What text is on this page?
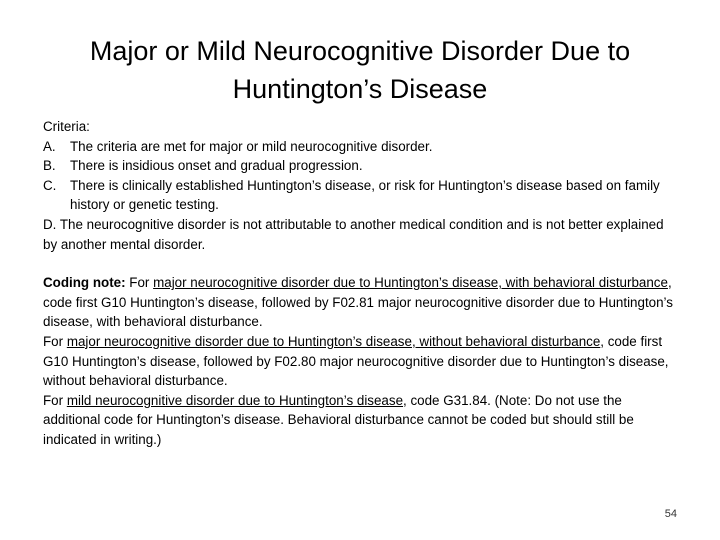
Major or Mild Neurocognitive Disorder Due to
Huntington’s Disease

Criteria:

A. The criteria are met for major or mild neurocognitive disorder.
B. There is insidious onset and gradual progression.
C. There is clinically established Huntington’s disease, or risk for Huntington’s disease based on family history or genetic testing.

D. The neurocognitive disorder is not attributable to another medical condition and is not better explained by another mental disorder.

Coding note: For major neurocognitive disorder due to Huntington’s disease, with behavioral disturbance, code first G10 Huntington’s disease, followed by F02.81 major neurocognitive disorder due to Huntington’s disease, with behavioral disturbance.

For major neurocognitive disorder due to Huntington’s disease, without behavioral disturbance, code first G10 Huntington’s disease, followed by F02.80 major neurocognitive disorder due to Huntington’s disease, without behavioral disturbance.

For mild neurocognitive disorder due to Huntington’s disease, code G31.84. (Note: Do not use the additional code for Huntington’s disease. Behavioral disturbance cannot be coded but should still be indicated in writing.)

54
